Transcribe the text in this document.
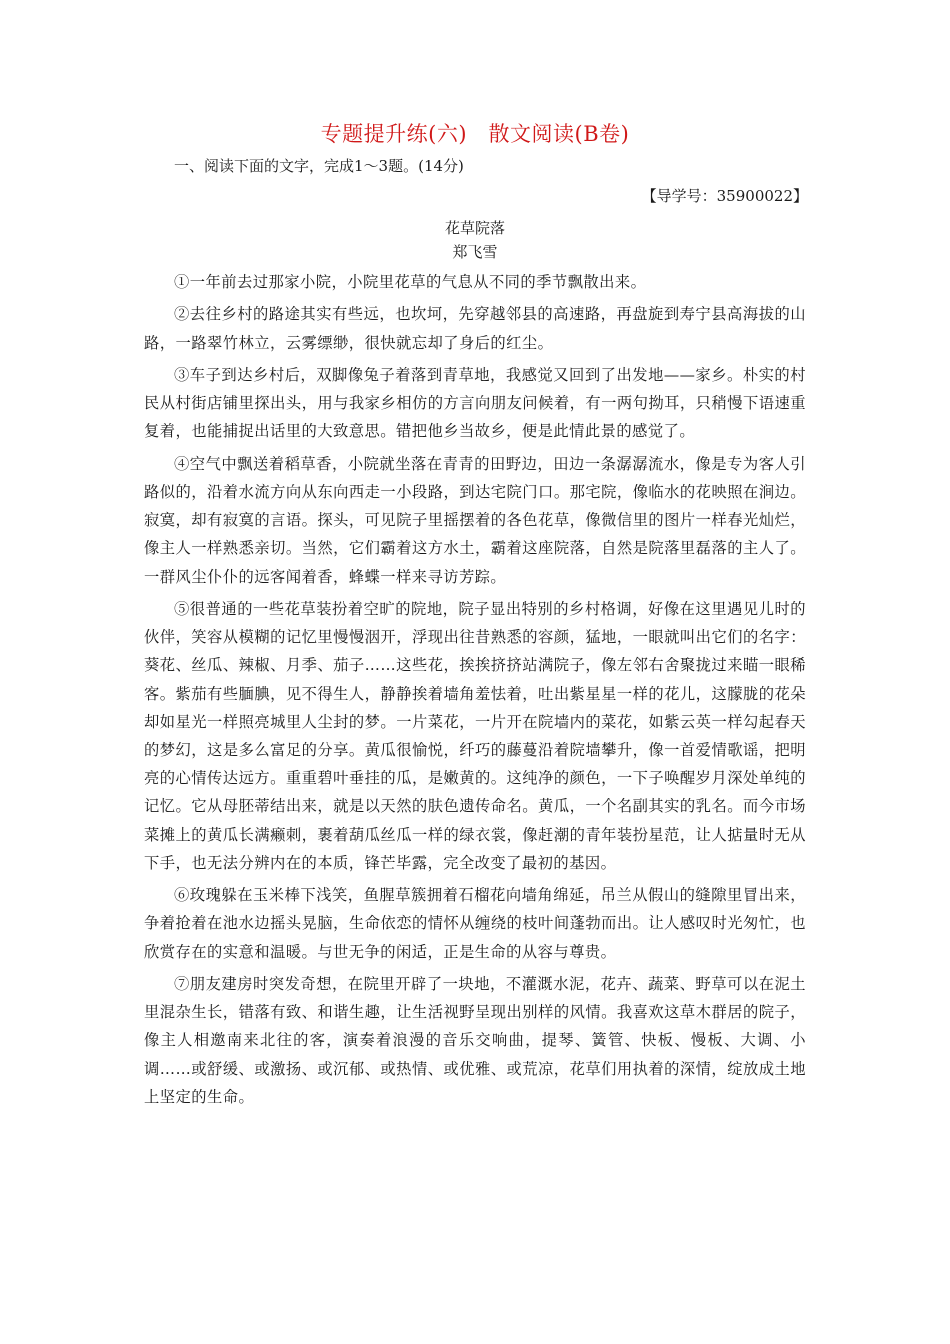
专题提升练(六)　散文阅读(B卷)

一、阅读下面的文字，完成1～3题。(14分)

【导学号：35900022】

花草院落

郑飞雪

①一年前去过那家小院，小院里花草的气息从不同的季节飘散出来。

②去往乡村的路途其实有些远，也坎坷，先穿越邻县的高速路，再盘旋到寿宁县高海拔的山路，一路翠竹林立，云雾缥缈，很快就忘却了身后的红尘。

③车子到达乡村后，双脚像兔子着落到青草地，我感觉又回到了出发地——家乡。朴实的村民从村街店铺里探出头，用与我家乡相仿的方言向朋友问候着，有一两句拗耳，只稍慢下语速重复着，也能捕捉出话里的大致意思。错把他乡当故乡，便是此情此景的感觉了。

④空气中飘送着稻草香，小院就坐落在青青的田野边，田边一条潺潺流水，像是专为客人引路似的，沿着水流方向从东向西走一小段路，到达宅院门口。那宅院，像临水的花映照在涧边。寂寞，却有寂寞的言语。探头，可见院子里摇摆着的各色花草，像微信里的图片一样春光灿烂，像主人一样熟悉亲切。当然，它们霸着这方水土，霸着这座院落，自然是院落里磊落的主人了。一群风尘仆仆的远客闻着香，蜂蝶一样来寻访芳踪。

⑤很普通的一些花草装扮着空旷的院地，院子显出特别的乡村格调，好像在这里遇见儿时的伙伴，笑容从模糊的记忆里慢慢洇开，浮现出往昔熟悉的容颜，猛地，一眼就叫出它们的名字：葵花、丝瓜、辣椒、月季、茄子……这些花，挨挨挤挤站满院子，像左邻右舍聚拢过来瞄一眼稀客。紫茄有些腼腆，见不得生人，静静挨着墙角羞怯着，吐出紫星星一样的花儿，这朦胧的花朵却如星光一样照亮城里人尘封的梦。一片菜花，一片开在院墙内的菜花，如紫云英一样勾起春天的梦幻，这是多么富足的分享。黄瓜很愉悦，纤巧的藤蔓沿着院墙攀升，像一首爱情歌谣，把明亮的心情传达远方。重重碧叶垂挂的瓜，是嫩黄的。这纯净的颜色，一下子唤醒岁月深处单纯的记忆。它从母胚蒂结出来，就是以天然的肤色遗传命名。黄瓜，一个名副其实的乳名。而今市场菜摊上的黄瓜长满癞刺，裹着葫瓜丝瓜一样的绿衣裳，像赶潮的青年装扮星范，让人掂量时无从下手，也无法分辨内在的本质，锋芒毕露，完全改变了最初的基因。

⑥玫瑰躲在玉米棒下浅笑，鱼腥草簇拥着石榴花向墙角绵延，吊兰从假山的缝隙里冒出来，争着抢着在池水边摇头晃脑，生命依恋的情怀从缠绕的枝叶间蓬勃而出。让人感叹时光匆忙，也欣赏存在的实意和温暖。与世无争的闲适，正是生命的从容与尊贵。

⑦朋友建房时突发奇想，在院里开辟了一块地，不灌溉水泥，花卉、蔬菜、野草可以在泥土里混杂生长，错落有致、和谐生趣，让生活视野呈现出别样的风情。我喜欢这草木群居的院子，像主人相邀南来北往的客，演奏着浪漫的音乐交响曲，提琴、簧管、快板、慢板、大调、小调……或舒缓、或激扬、或沉郁、或热情、或优雅、或荒凉，花草们用执着的深情，绽放成土地上坚定的生命。
